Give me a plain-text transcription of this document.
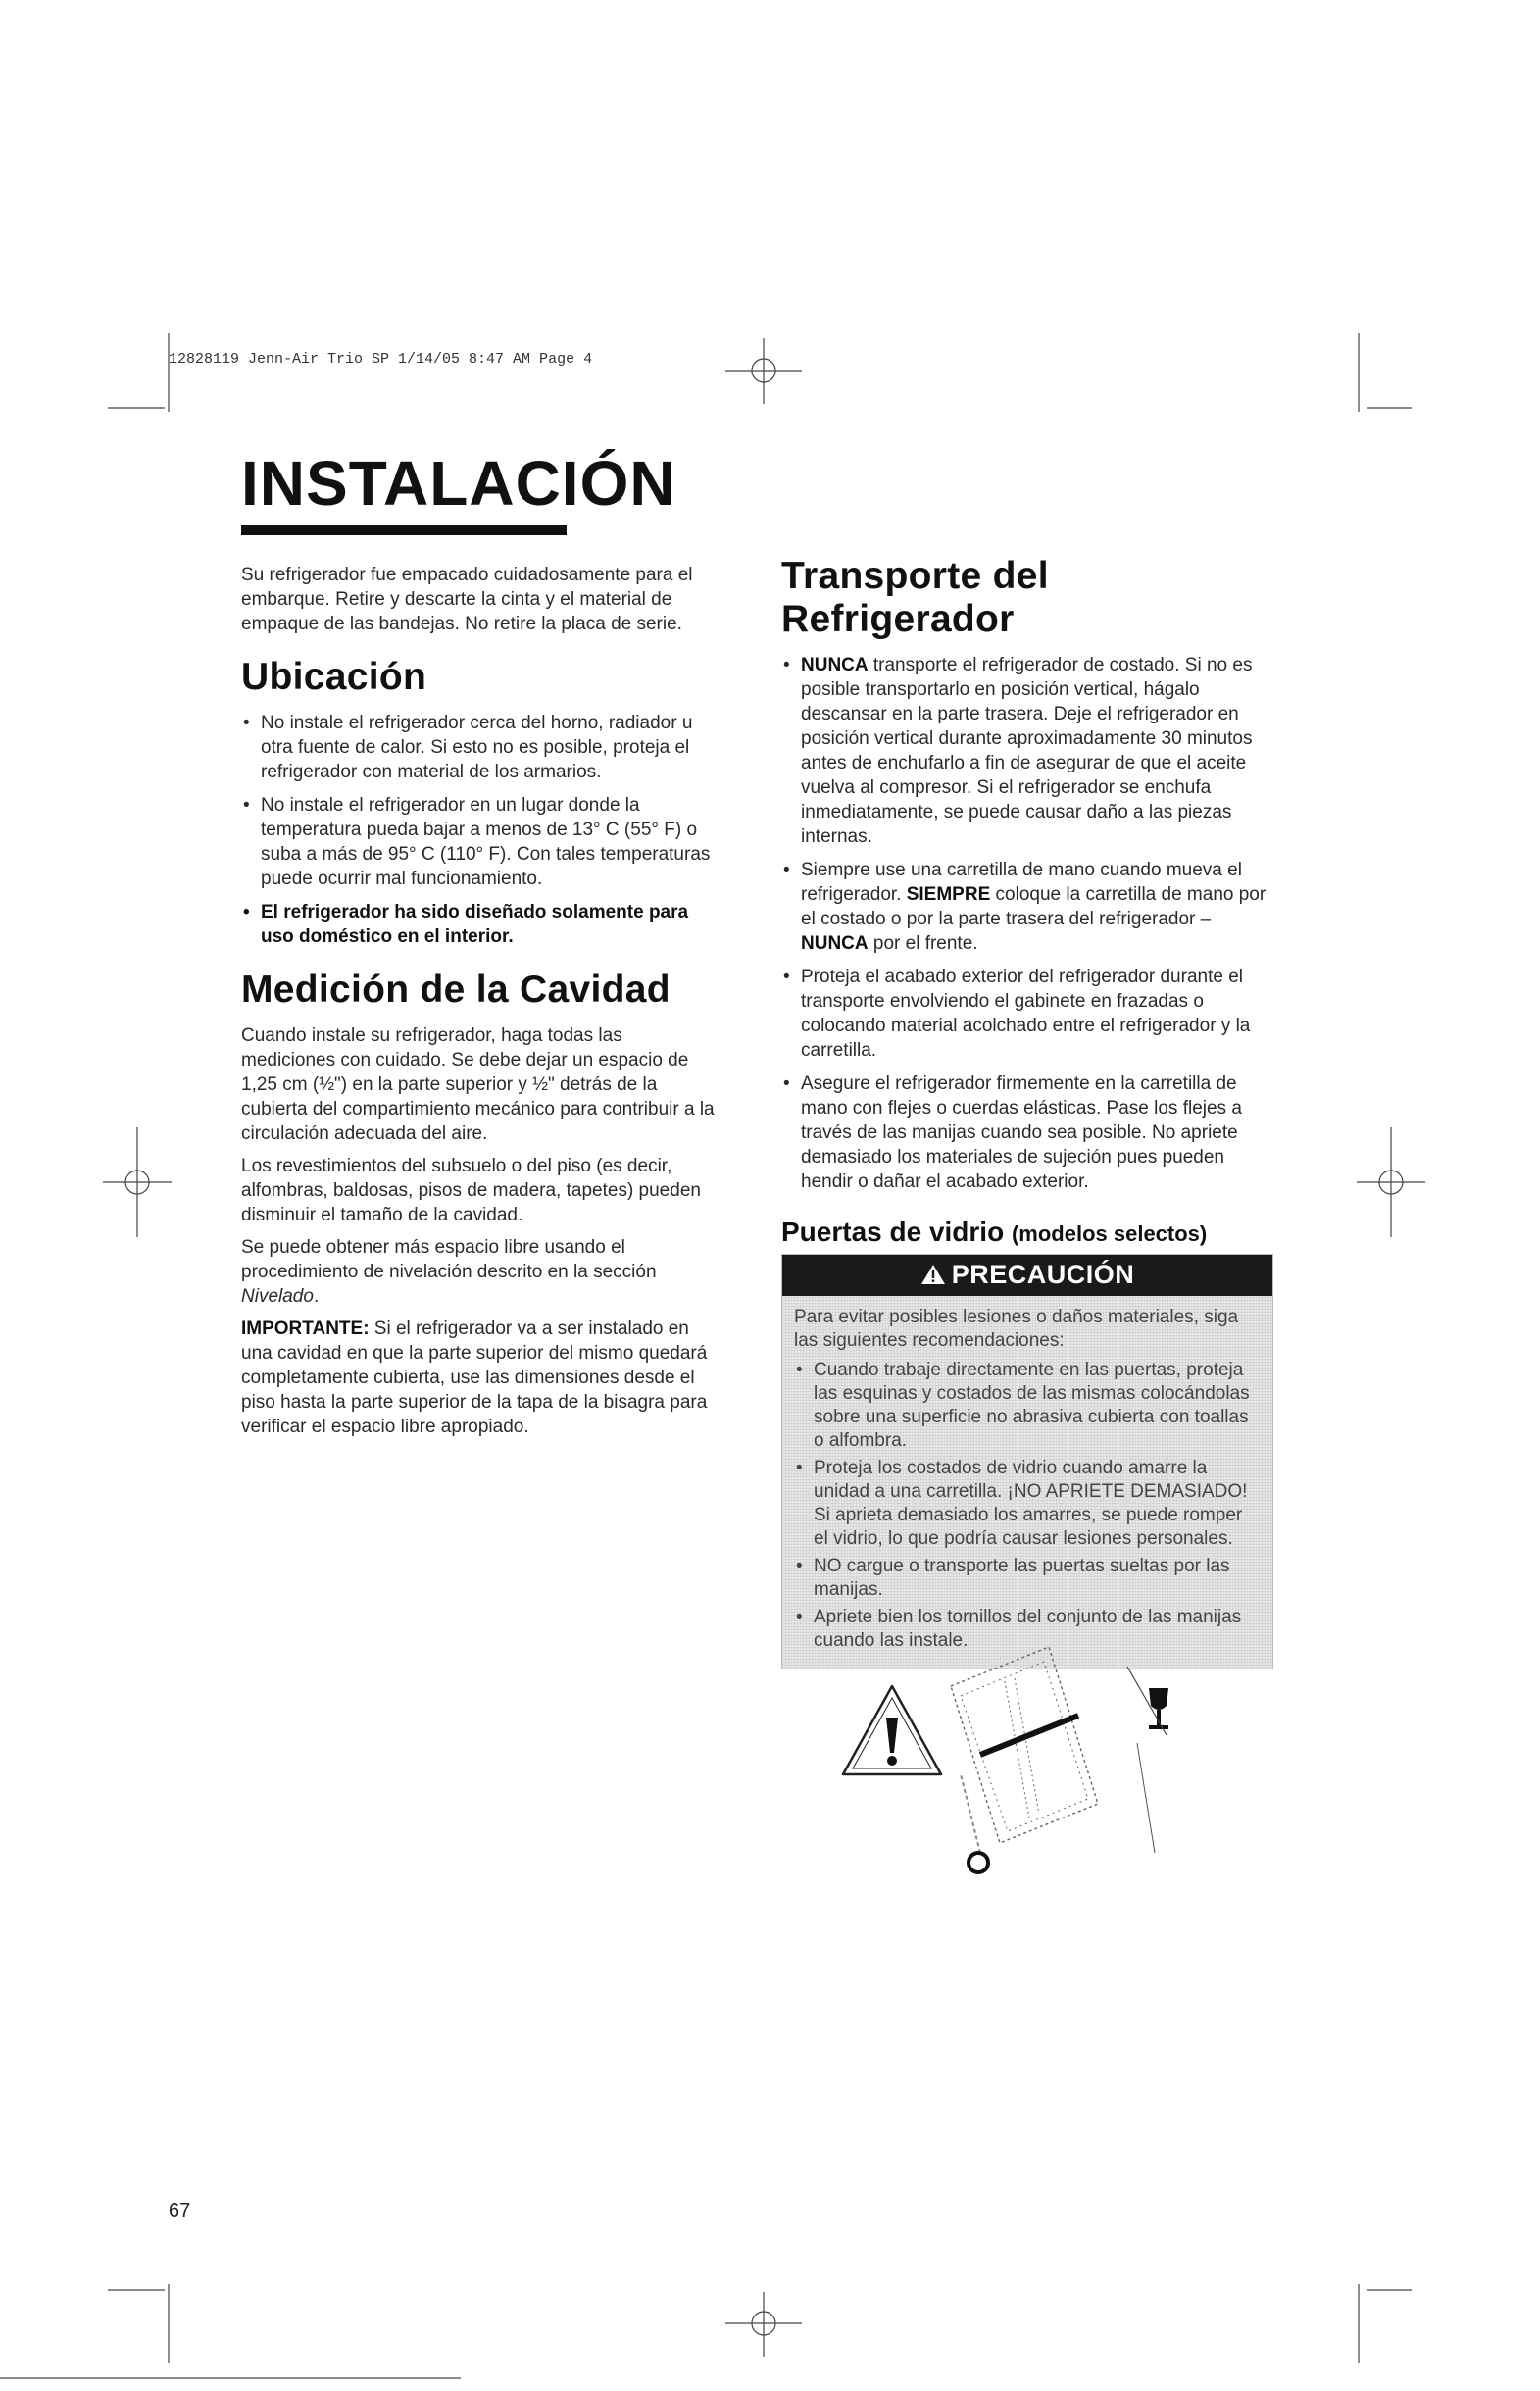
12828119 Jenn-Air Trio SP 1/14/05 8:47 AM Page 4
INSTALACIÓN

Su refrigerador fue empacado cuidadosamente para el embarque. Retire y descarte la cinta y el material de empaque de las bandejas. No retire la placa de serie.

Ubicación
• No instale el refrigerador cerca del horno, radiador u otra fuente de calor. Si esto no es posible, proteja el refrigerador con material de los armarios.
• No instale el refrigerador en un lugar donde la temperatura pueda bajar a menos de 13° C (55° F) o suba a más de 95° C (110° F). Con tales temperaturas puede ocurrir mal funcionamiento.
• El refrigerador ha sido diseñado solamente para uso doméstico en el interior.
Medición de la Cavidad

Cuando instale su refrigerador, haga todas las mediciones con cuidado. Se debe dejar un espacio de 1,25 cm (½") en la parte superior y ½" detrás de la cubierta del compartimiento mecánico para contribuir a la circulación adecuada del aire.

Los revestimientos del subsuelo o del piso (es decir, alfombras, baldosas, pisos de madera, tapetes) pueden disminuir el tamaño de la cavidad.

Se puede obtener más espacio libre usando el procedimiento de nivelación descrito en la sección Nivelado.

IMPORTANTE: Si el refrigerador va a ser instalado en una cavidad en que la parte superior del mismo quedará completamente cubierta, use las dimensiones desde el piso hasta la parte superior de la tapa de la bisagra para verificar el espacio libre apropiado.

Transporte del Refrigerador
• NUNCA transporte el refrigerador de costado. Si no es posible transportarlo en posición vertical, hágalo descansar en la parte trasera. Deje el refrigerador en posición vertical durante aproximadamente 30 minutos antes de enchufarlo a fin de asegurar de que el aceite vuelva al compresor. Si el refrigerador se enchufa inmediatamente, se puede causar daño a las piezas internas.
• Siempre use una carretilla de mano cuando mueva el refrigerador. SIEMPRE coloque la carretilla de mano por el costado o por la parte trasera del refrigerador – NUNCA por el frente.
• Proteja el acabado exterior del refrigerador durante el transporte envolviendo el gabinete en frazadas o colocando material acolchado entre el refrigerador y la carretilla.
• Asegure el refrigerador firmemente en la carretilla de mano con flejes o cuerdas elásticas. Pase los flejes a través de las manijas cuando sea posible. No apriete demasiado los materiales de sujeción pues pueden hendir o dañar el acabado exterior.
Puertas de vidrio (modelos selectos)
PRECAUCIÓN

Para evitar posibles lesiones o daños materiales, siga las siguientes recomendaciones:

• Cuando trabaje directamente en las puertas, proteja las esquinas y costados de las mismas colocándolas sobre una superficie no abrasiva cubierta con toallas o alfombra.
• Proteja los costados de vidrio cuando amarre la unidad a una carretilla. ¡NO APRIETE DEMASIADO! Si aprieta demasiado los amarres, se puede romper el vidrio, lo que podría causar lesiones personales.
• NO cargue o transporte las puertas sueltas por las manijas.
• Apriete bien los tornillos del conjunto de las manijas cuando las instale.
67
